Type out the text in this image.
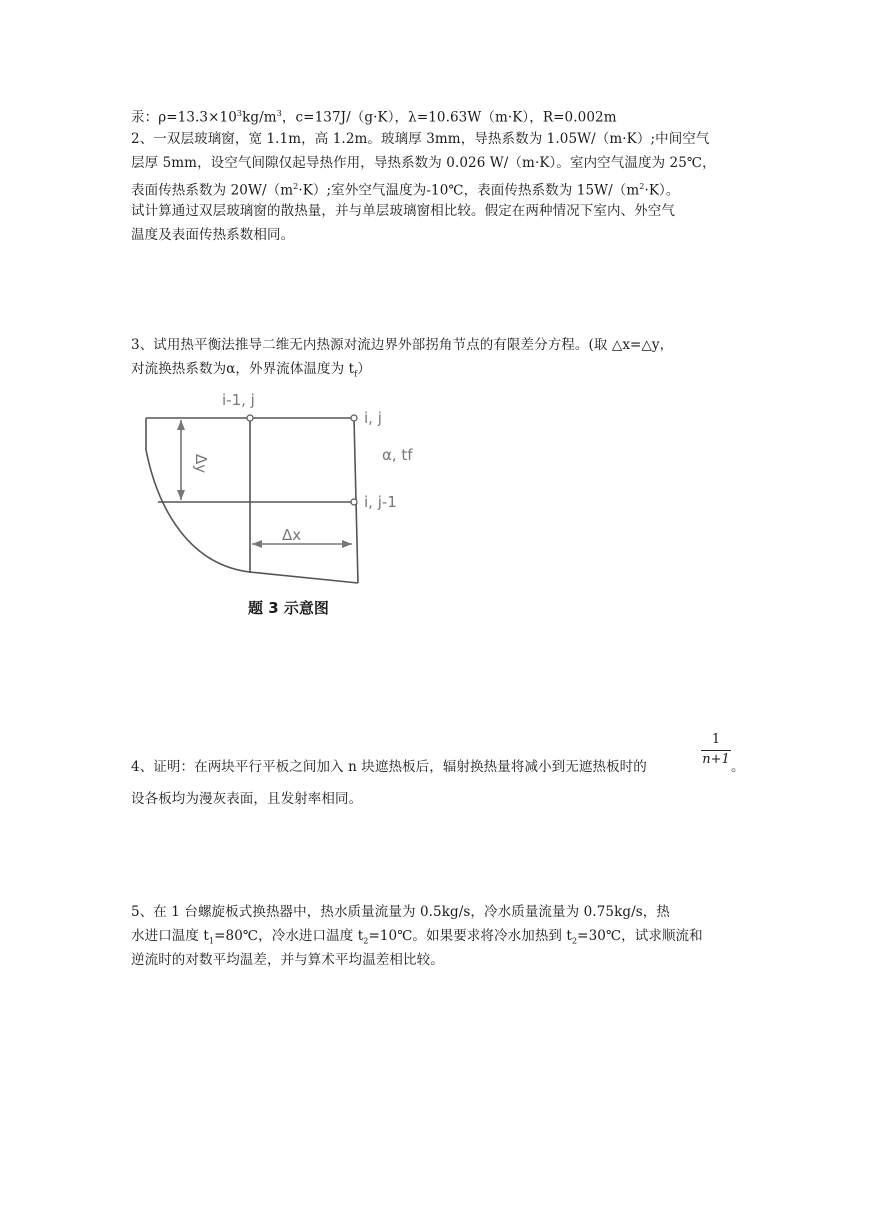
汞：$\rho=13.3\times 10^3kg/m^3$，c=137J/（g·K），λ=10.63W（m·K），R=0.002m
2、一双层玻璃窗，宽 1.1m，高 1.2m。玻璃厚 3mm，导热系数为 1.05W/（m·K）;中间空气
层厚 5mm，设空气间隙仅起导热作用，导热系数为 0.026 W/（m·K）。室内空气温度为 25℃，
表面传热系数为 $20W/(m^2\cdot K)$;室外空气温度为-10℃，表面传热系数为 $15W/(m^2\cdot K)$。
试计算通过双层玻璃窗的散热量，并与单层玻璃窗相比较。假定在两种情况下室内、外空气
温度及表面传热系数相同。
3、试用热平衡法推导二维无内热源对流边界外部拐角节点的有限差分方程。(取 △x=△y，
对流换热系数为α，外界流体温度为 $t_f$）
i-1, j
i, j
α, tf
i, j-1
Δx
Δy
题 3 示意图
4、证明：在两块平行平板之间加入 n 块遮热板后，辐射换热量将减小到无遮热板时的
1
n+1 。
设各板均为漫灰表面，且发射率相同。
5、在 1 台螺旋板式换热器中，热水质量流量为 0.5kg/s，冷水质量流量为 0.75kg/s，热
水进口温度 $t_1=80℃$，冷水进口温度 $t_2=10℃$。如果要求将冷水加热到 $t_2=30℃$，试求顺流和
逆流时的对数平均温差，并与算术平均温差相比较。
